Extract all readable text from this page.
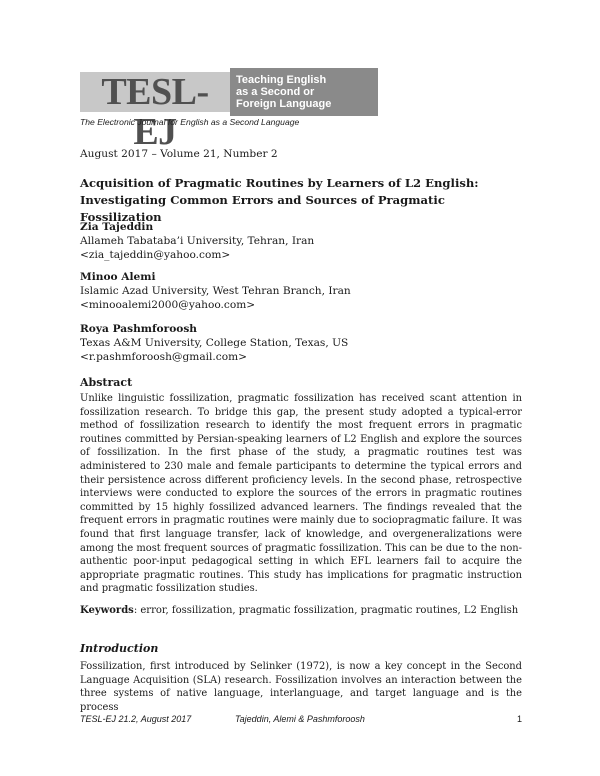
TESL-EJ
Teaching English
as a Second or
Foreign Language
The Electronic Journal for English as a Second Language
August 2017 – Volume 21, Number 2
Acquisition of Pragmatic Routines by Learners of L2 English:
Investigating Common Errors and Sources of Pragmatic Fossilization
Zia Tajeddin
Allameh Tabataba’i University, Tehran, Iran
<zia_tajeddin@yahoo.com>
Minoo Alemi
Islamic Azad University, West Tehran Branch, Iran
<minooalemi2000@yahoo.com>
Roya Pashmforoosh
Texas A&M University, College Station, Texas, US
<r.pashmforoosh@gmail.com>
Abstract

Unlike linguistic fossilization, pragmatic fossilization has received scant attention in fossilization research. To bridge this gap, the present study adopted a typical-error method of fossilization research to identify the most frequent errors in pragmatic routines committed by Persian-speaking learners of L2 English and explore the sources of fossilization. In the first phase of the study, a pragmatic routines test was administered to 230 male and female participants to determine the typical errors and their persistence across different proficiency levels. In the second phase, retrospective interviews were conducted to explore the sources of the errors in pragmatic routines committed by 15 highly fossilized advanced learners. The findings revealed that the frequent errors in pragmatic routines were mainly due to sociopragmatic failure. It was found that first language transfer, lack of knowledge, and overgeneralizations were among the most frequent sources of pragmatic fossilization. This can be due to the non-authentic poor-input pedagogical setting in which EFL learners fail to acquire the appropriate pragmatic routines. This study has implications for pragmatic instruction and pragmatic fossilization studies.

Keywords: error, fossilization, pragmatic fossilization, pragmatic routines, L2 English
Introduction

Fossilization, first introduced by Selinker (1972), is now a key concept in the Second Language Acquisition (SLA) research. Fossilization involves an interaction between the three systems of native language, interlanguage, and target language and is the process

TESL-EJ 21.2, August 2017	Tajeddin, Alemi & Pashmforoosh	1
